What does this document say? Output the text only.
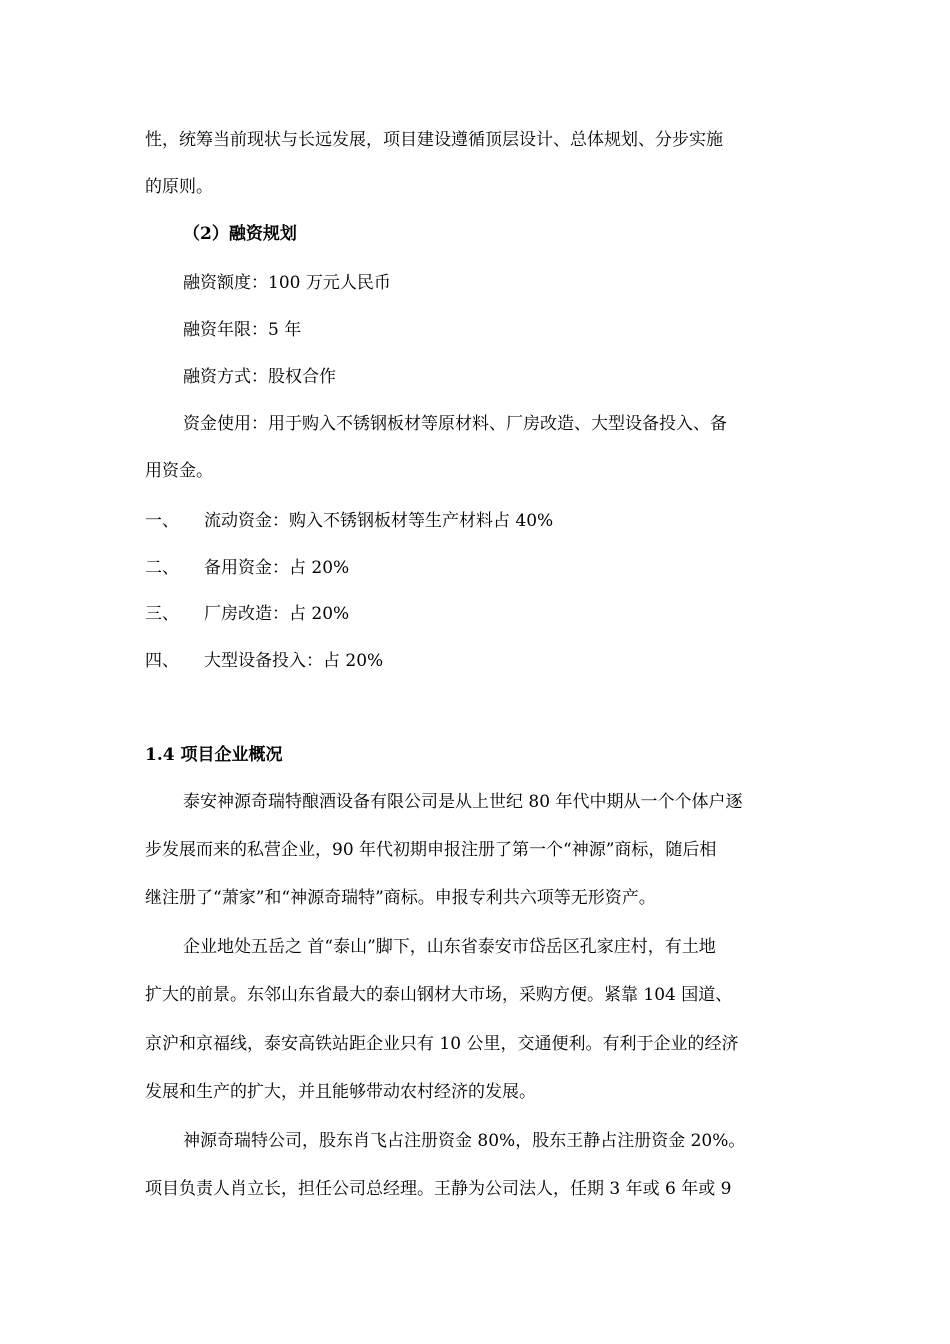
性，统筹当前现状与长远发展，项目建设遵循顶层设计、总体规划、分步实施

的原则。

（2）融资规划

融资额度：100 万元人民币

融资年限：5 年

融资方式：股权合作

资金使用：用于购入不锈钢板材等原材料、厂房改造、大型设备投入、备

用资金。

一、 流动资金：购入不锈钢板材等生产材料占 40%
二、 备用资金：占 20%
三、 厂房改造：占 20%
四、 大型设备投入：占 20%

1.4 项目企业概况

泰安神源奇瑞特酿酒设备有限公司是从上世纪 80 年代中期从一个个体户逐

步发展而来的私营企业，90 年代初期申报注册了第一个“神源”商标，随后相

继注册了“萧家”和“神源奇瑞特”商标。申报专利共六项等无形资产。

企业地处五岳之 首“泰山”脚下，山东省泰安市岱岳区孔家庄村，有土地

扩大的前景。东邻山东省最大的泰山钢材大市场，采购方便。紧靠 104 国道、

京沪和京福线，泰安高铁站距企业只有 10 公里，交通便利。有利于企业的经济

发展和生产的扩大，并且能够带动农村经济的发展。

神源奇瑞特公司，股东肖飞占注册资金 80%，股东王静占注册资金 20%。

项目负责人肖立长，担任公司总经理。王静为公司法人，任期 3 年或 6 年或 9
